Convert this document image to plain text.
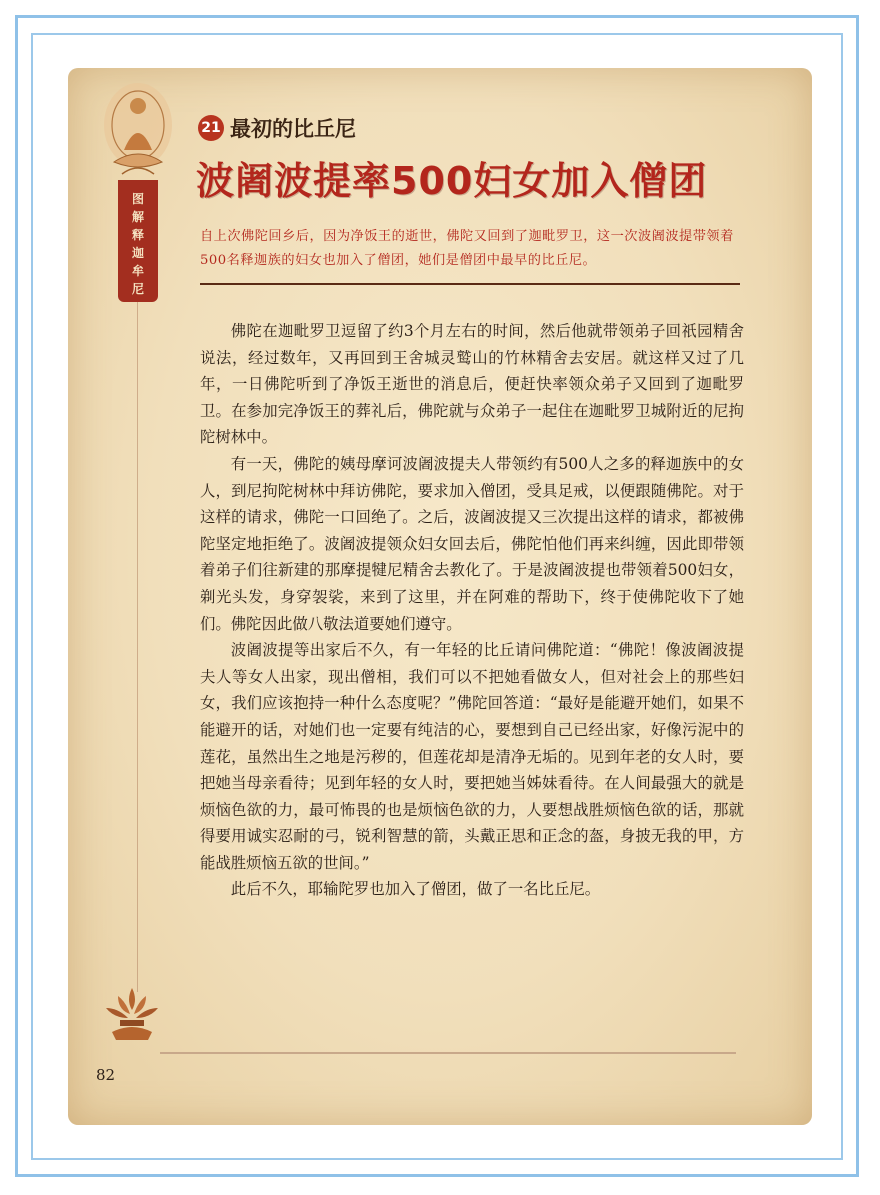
图解释迦牟尼
21 最初的比丘尼
波阇波提率500妇女加入僧团
自上次佛陀回乡后，因为净饭王的逝世，佛陀又回到了迦毗罗卫，这一次波阇波提带领着500名释迦族的妇女也加入了僧团，她们是僧团中最早的比丘尼。

佛陀在迦毗罗卫逗留了约3个月左右的时间，然后他就带领弟子回祇园精舍说法，经过数年，又再回到王舍城灵鹫山的竹林精舍去安居。就这样又过了几年，一日佛陀听到了净饭王逝世的消息后，便赶快率领众弟子又回到了迦毗罗卫。在参加完净饭王的葬礼后，佛陀就与众弟子一起住在迦毗罗卫城附近的尼拘陀树林中。

有一天，佛陀的姨母摩诃波阇波提夫人带领约有500人之多的释迦族中的女人，到尼拘陀树林中拜访佛陀，要求加入僧团，受具足戒，以便跟随佛陀。对于这样的请求，佛陀一口回绝了。之后，波阇波提又三次提出这样的请求，都被佛陀坚定地拒绝了。波阇波提领众妇女回去后，佛陀怕他们再来纠缠，因此即带领着弟子们往新建的那摩提犍尼精舍去教化了。于是波阇波提也带领着500妇女，剃光头发，身穿袈裟，来到了这里，并在阿难的帮助下，终于使佛陀收下了她们。佛陀因此做八敬法道要她们遵守。

波阇波提等出家后不久，有一年轻的比丘请问佛陀道：“佛陀！像波阇波提夫人等女人出家，现出僧相，我们可以不把她看做女人，但对社会上的那些妇女，我们应该抱持一种什么态度呢？”佛陀回答道：“最好是能避开她们，如果不能避开的话，对她们也一定要有纯洁的心，要想到自己已经出家，好像污泥中的莲花，虽然出生之地是污秽的，但莲花却是清净无垢的。见到年老的女人时，要把她当母亲看待；见到年轻的女人时，要把她当姊妹看待。在人间最强大的就是烦恼色欲的力，最可怖畏的也是烦恼色欲的力，人要想战胜烦恼色欲的话，那就得要用诚实忍耐的弓，锐利智慧的箭，头戴正思和正念的盔，身披无我的甲，方能战胜烦恼五欲的世间。”

此后不久，耶输陀罗也加入了僧团，做了一名比丘尼。

82
